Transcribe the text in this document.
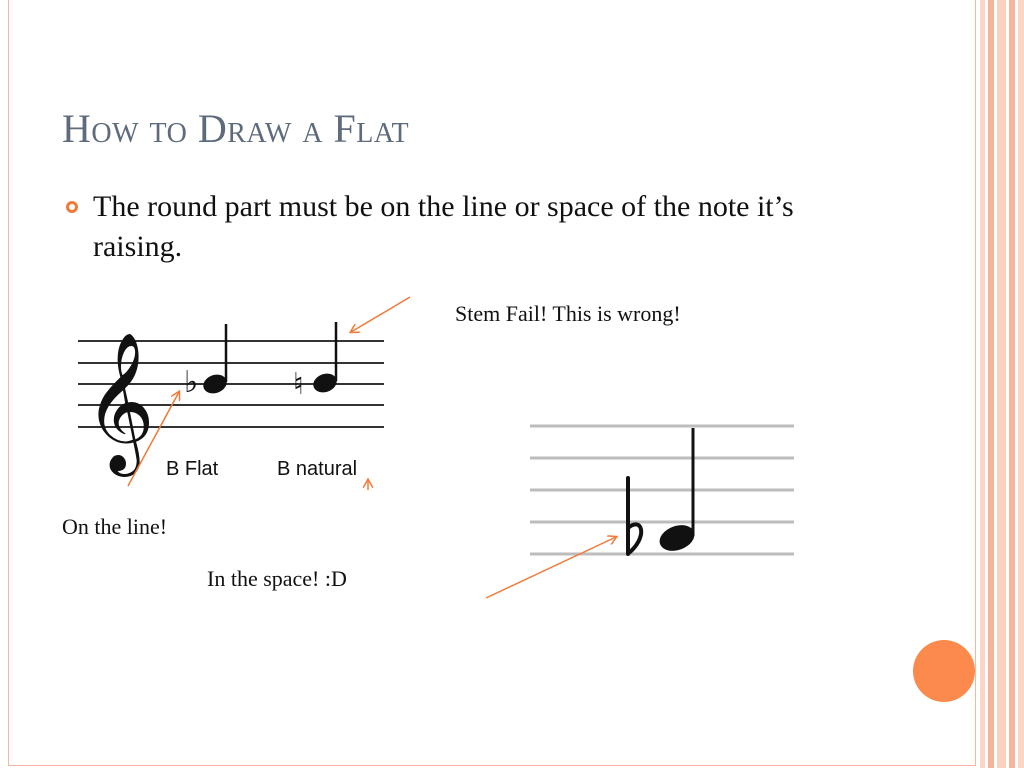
How to Draw a Flat
The round part must be on the line or space of the note it’s raising.
𝄞 ♭	♮
B Flat	B natural
Stem Fail! This is wrong!
On the line!
In the space! :D
